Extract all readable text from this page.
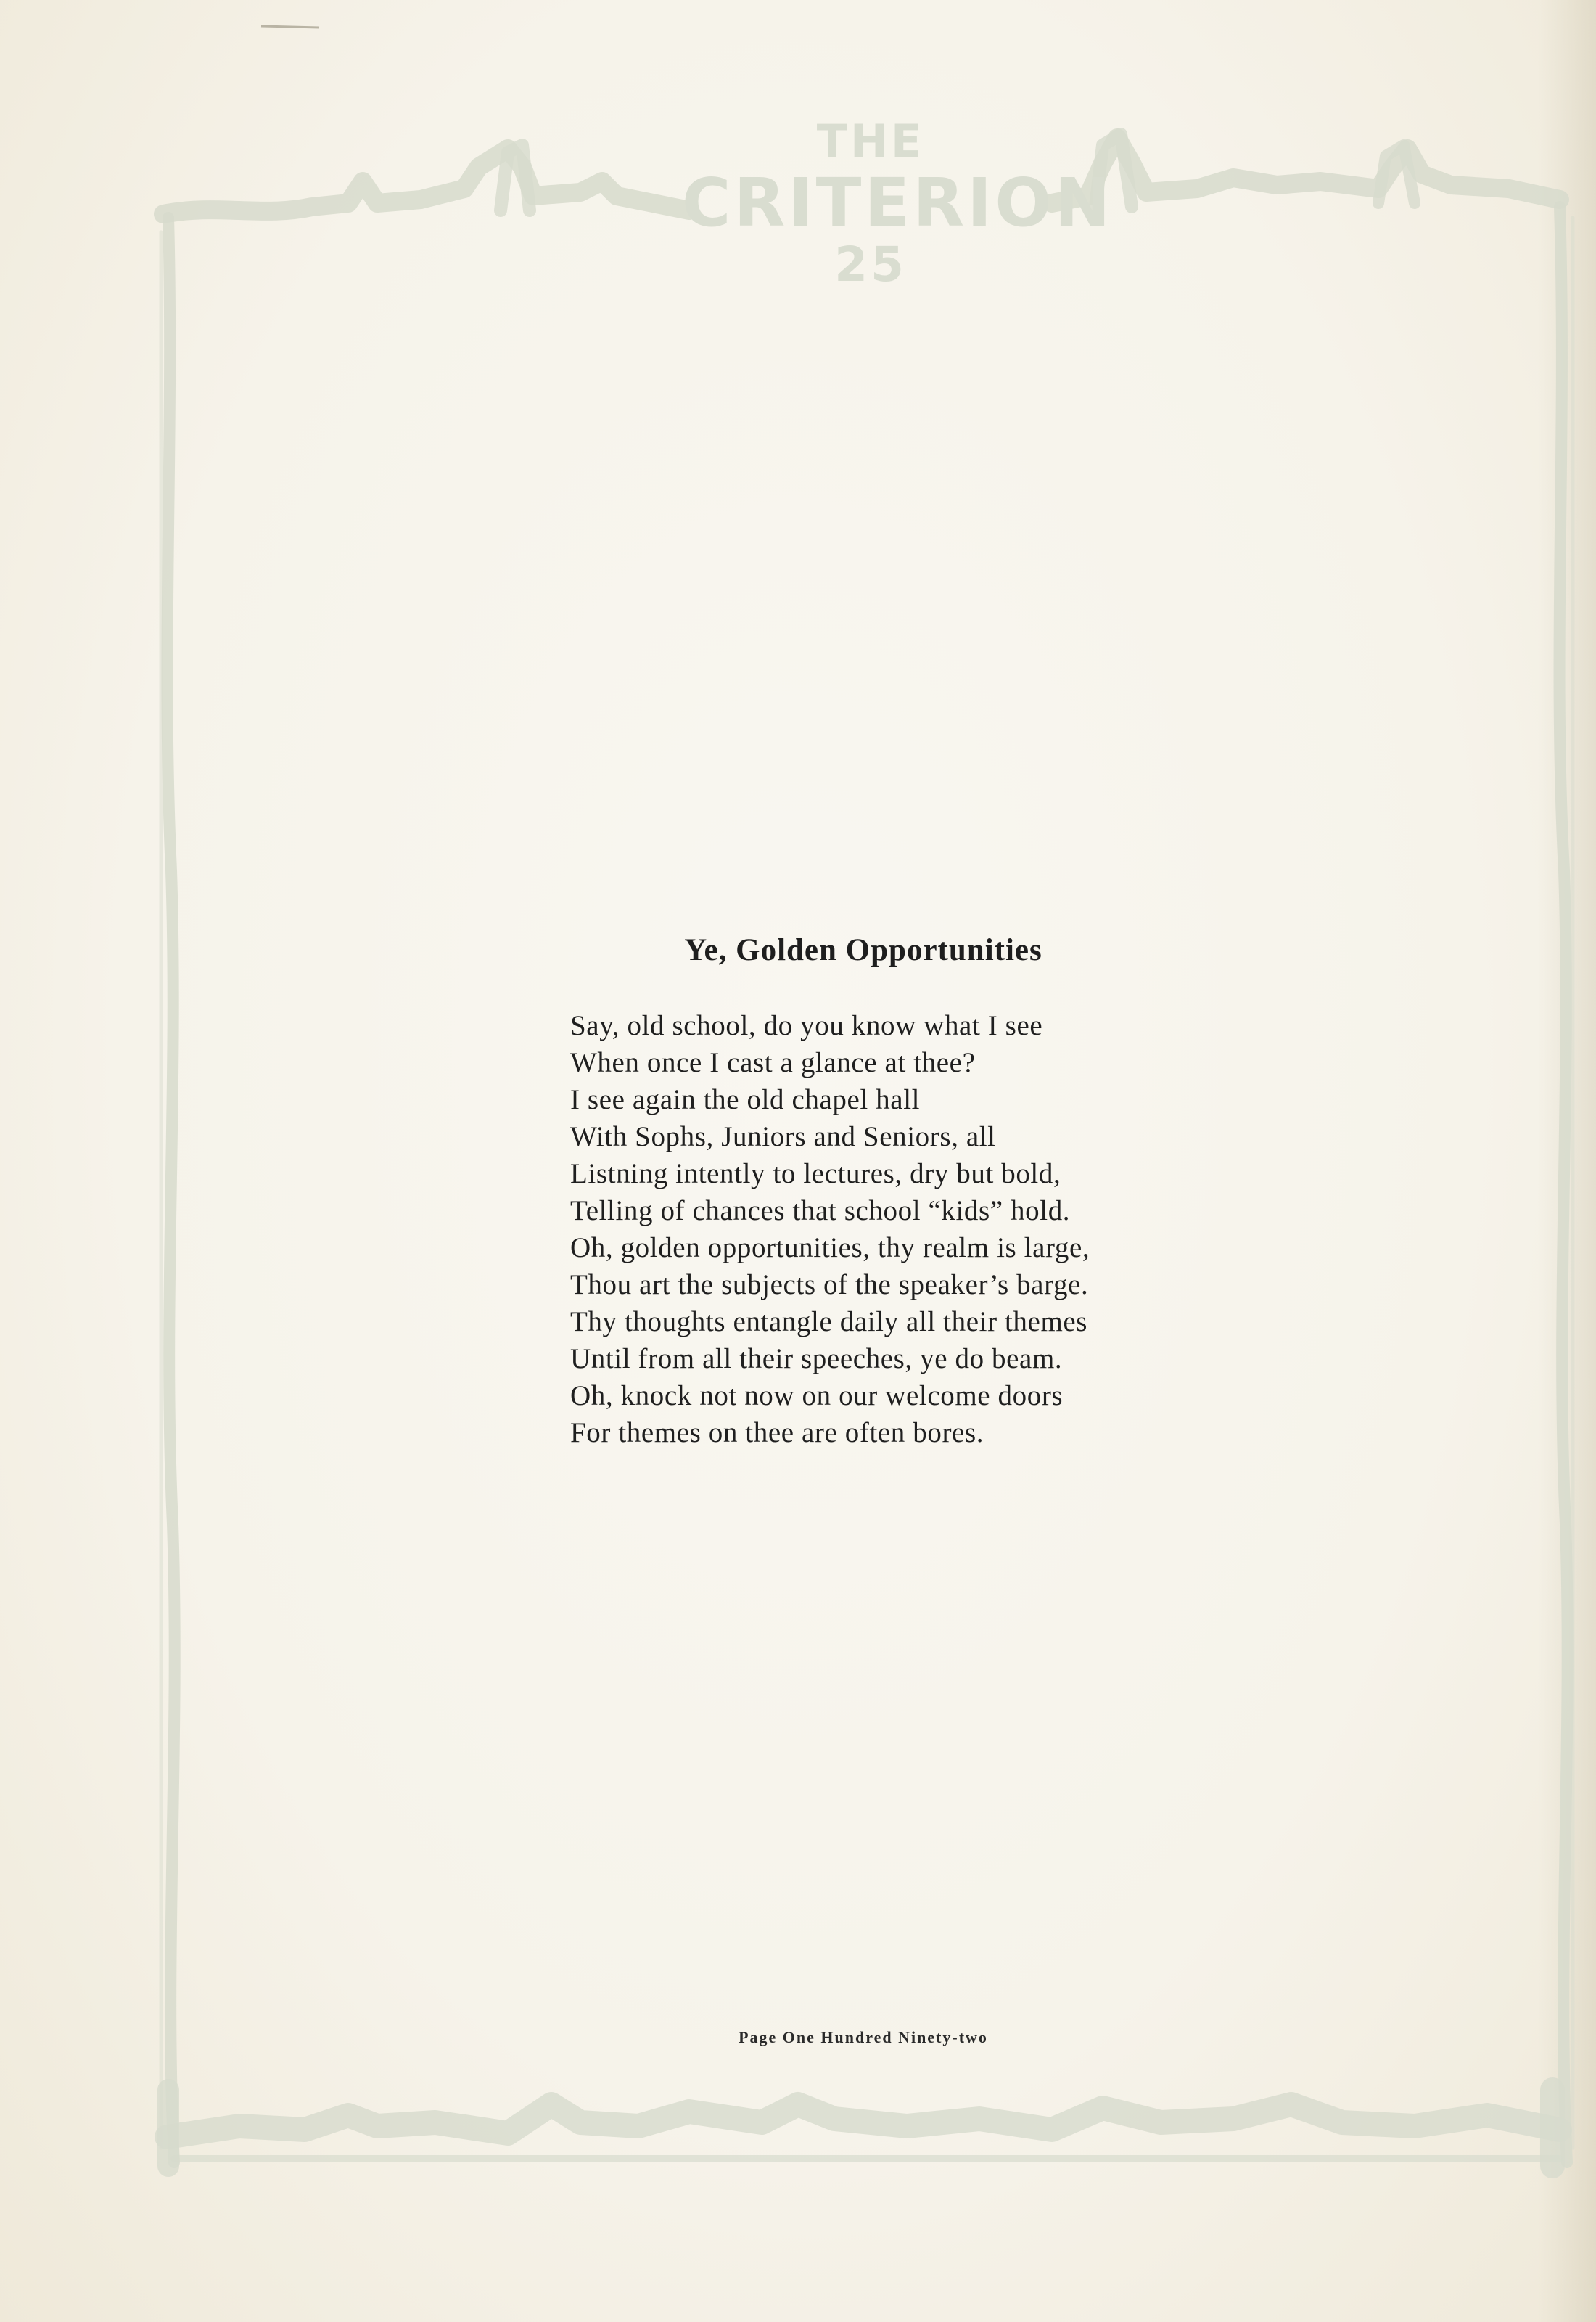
THE
CRITERION
25
Ye, Golden Opportunities
Say, old school, do you know what I see
When once I cast a glance at thee?
I see again the old chapel hall
With Sophs, Juniors and Seniors, all
Listning intently to lectures, dry but bold,
Telling of chances that school “kids” hold.
Oh, golden opportunities, thy realm is large,
Thou art the subjects of the speaker’s barge.
Thy thoughts entangle daily all their themes
Until from all their speeches, ye do beam.
Oh, knock not now on our welcome doors
For themes on thee are often bores.
Page One Hundred Ninety-two
